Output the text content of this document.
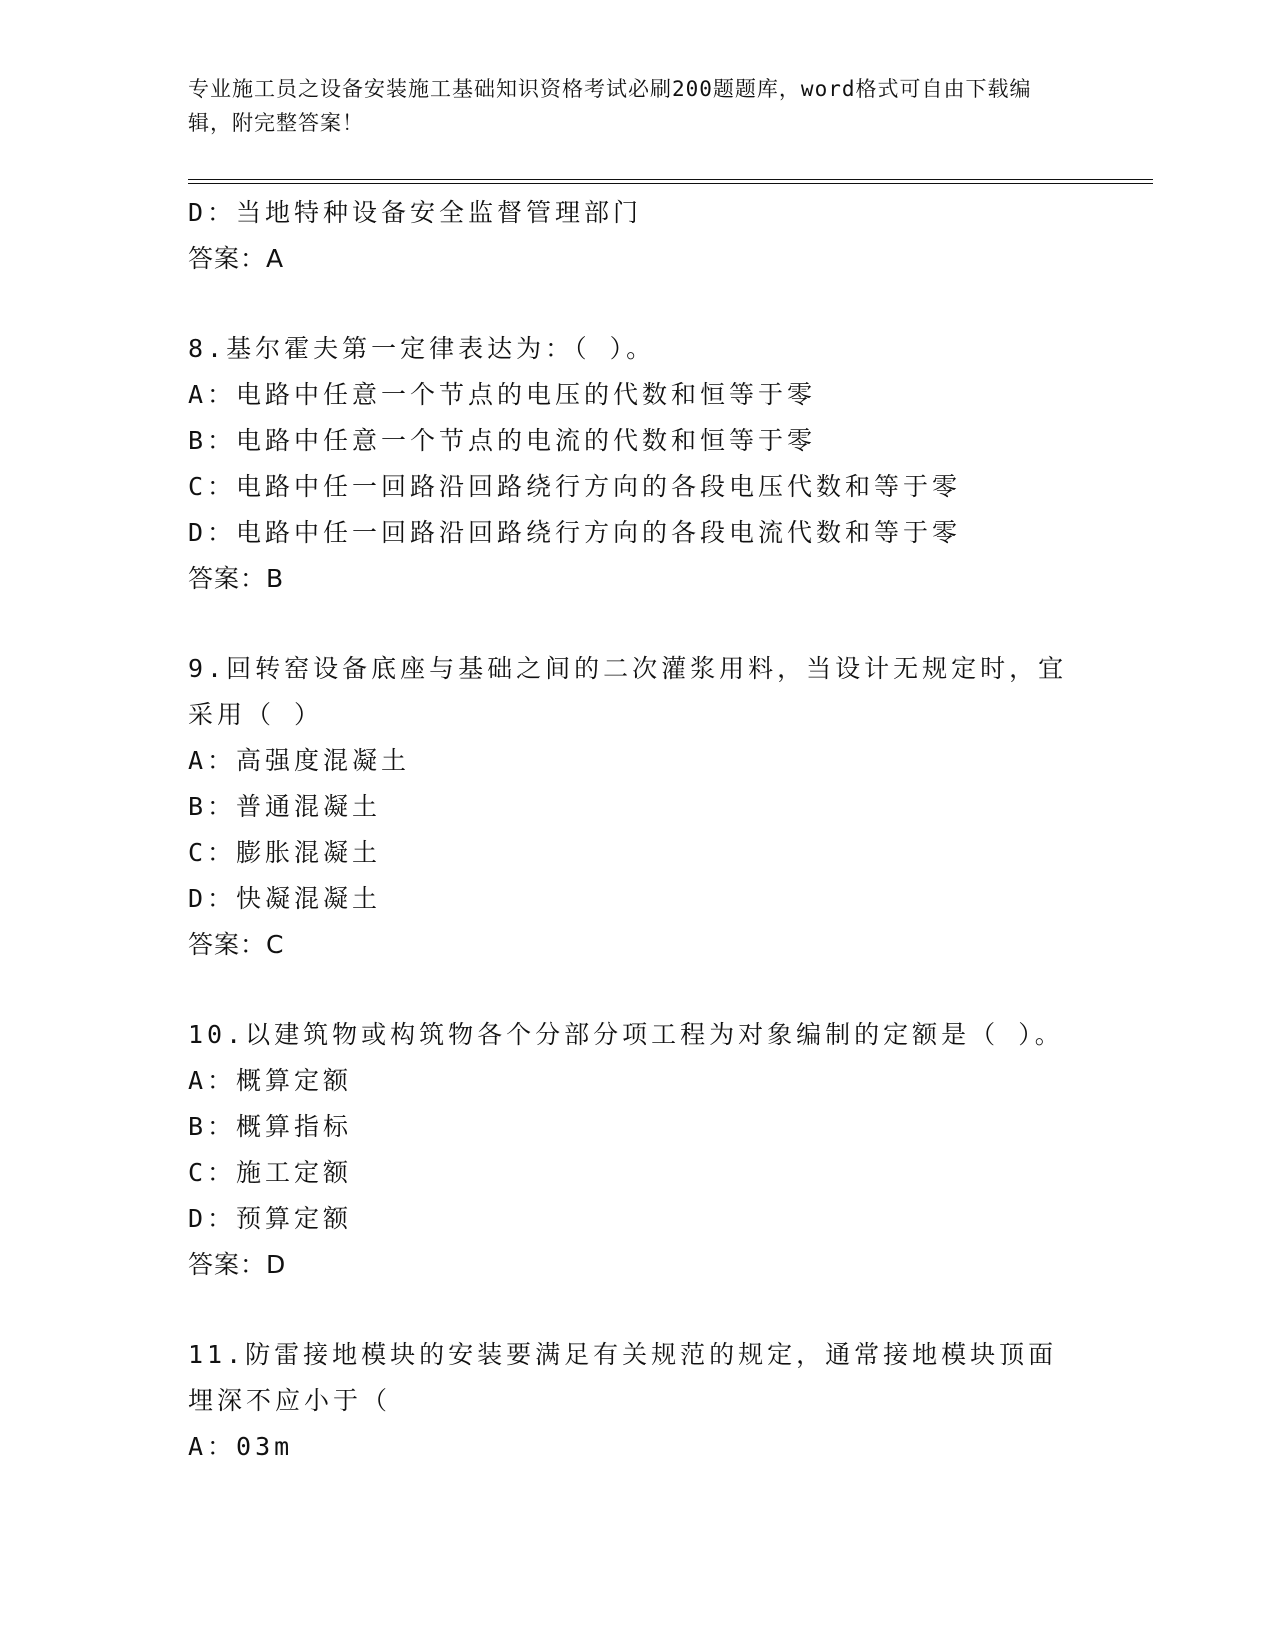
专业施工员之设备安装施工基础知识资格考试必刷200题题库，word格式可自由下载编辑，附完整答案！
D：当地特种设备安全监督管理部门
答案：A
8.基尔霍夫第一定律表达为：（ ）。
A：电路中任意一个节点的电压的代数和恒等于零
B：电路中任意一个节点的电流的代数和恒等于零
C：电路中任一回路沿回路绕行方向的各段电压代数和等于零
D：电路中任一回路沿回路绕行方向的各段电流代数和等于零
答案：B
9.回转窑设备底座与基础之间的二次灌浆用料，当设计无规定时，宜采用（ ）
A：高强度混凝土
B：普通混凝土
C：膨胀混凝土
D：快凝混凝土
答案：C
10.以建筑物或构筑物各个分部分项工程为对象编制的定额是（ ）。
A：概算定额
B：概算指标
C：施工定额
D：预算定额
答案：D
11.防雷接地模块的安装要满足有关规范的规定，通常接地模块顶面埋深不应小于（
A：03m
